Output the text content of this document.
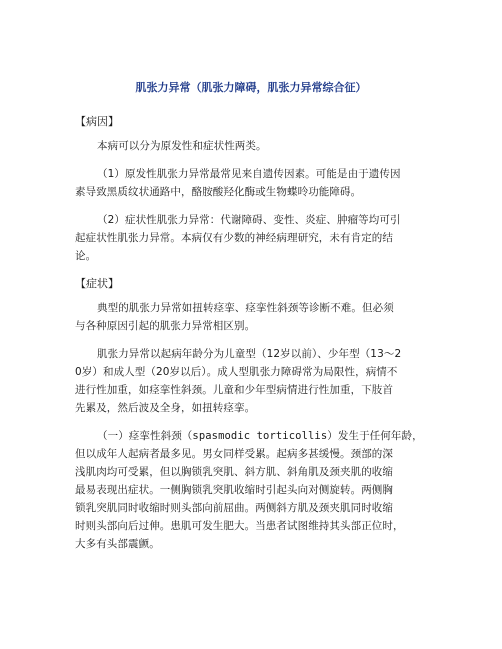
肌张力异常（肌张力障碍，肌张力异常综合征）
【病因】
本病可以分为原发性和症状性两类。
（1）原发性肌张力异常最常见来自遗传因素。可能是由于遗传因
素导致黑质纹状通路中，酪胺酸羟化酶或生物蝶呤功能障碍。
（2）症状性肌张力异常：代谢障碍、变性、炎症、肿瘤等均可引
起症状性肌张力异常。本病仅有少数的神经病理研究，未有肯定的结
论。
【症状】
典型的肌张力异常如扭转痉挛、痉挛性斜颈等诊断不难。但必须
与各种原因引起的肌张力异常相区别。
肌张力异常以起病年龄分为儿童型（12岁以前）、少年型（13～2
0岁）和成人型（20岁以后）。成人型肌张力障碍常为局限性，病情不
进行性加重，如痉挛性斜颈。儿童和少年型病情进行性加重，下肢首
先累及，然后波及全身，如扭转痉挛。
（一）痉挛性斜颈（spasmodic torticollis）发生于任何年龄，
但以成年人起病者最多见。男女同样受累。起病多甚缓慢。颈部的深
浅肌肉均可受累，但以胸锁乳突肌、斜方肌、斜角肌及颈夹肌的收缩
最易表现出症状。一侧胸锁乳突肌收缩时引起头向对侧旋转。两侧胸
锁乳突肌同时收缩时则头部向前屈曲。两侧斜方肌及颈夹肌同时收缩
时则头部向后过伸。患肌可发生肥大。当患者试图维持其头部正位时，
大多有头部震颤。
